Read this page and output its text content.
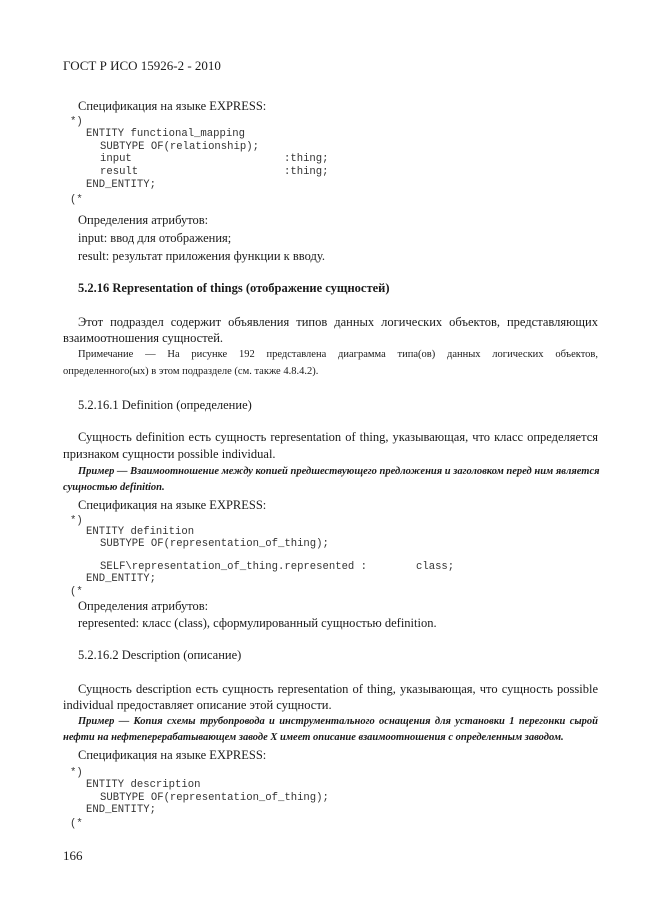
ГОСТ Р ИСО 15926-2 - 2010
Спецификация на языке EXPRESS:
*)
ENTITY functional_mapping
SUBTYPE OF(relationship);
input	:thing;
result	:thing;
END_ENTITY;
(*
Определения атрибутов:
input: ввод для отображения;
result: результат приложения функции к вводу.
5.2.16 Representation of things (отображение сущностей)
Этот подраздел содержит объявления типов данных логических объектов, представляющих
взаимоотношения сущностей.
Примечание — На рисунке 192 представлена диаграмма типа(ов) данных логических объектов,
определенного(ых) в этом подразделе (см. также 4.8.4.2).
5.2.16.1 Definition (определение)
Сущность definition есть сущность representation of thing, указывающая, что класс определяется
признаком сущности possible individual.
Пример — Взаимоотношение между копией предшествующего предложения и заголовком перед ним является
сущностью definition.
Спецификация на языке EXPRESS:
*)
ENTITY definition
SUBTYPE OF(representation_of_thing);
SELF\representation_of_thing.represented :	class;
END_ENTITY;
(*
Определения атрибутов:
represented: класс (class), сформулированный сущностью definition.
5.2.16.2 Description (описание)
Сущность description есть сущность representation of thing, указывающая, что сущность possible
individual предоставляет описание этой сущности.
Пример — Копия схемы трубопровода и инструментального оснащения для установки 1 перегонки сырой
нефти на нефтеперерабатывающем заводе X имеет описание взаимоотношения с определенным заводом.
Спецификация на языке EXPRESS:
*)
ENTITY description
SUBTYPE OF(representation_of_thing);
END_ENTITY;
(*
166
